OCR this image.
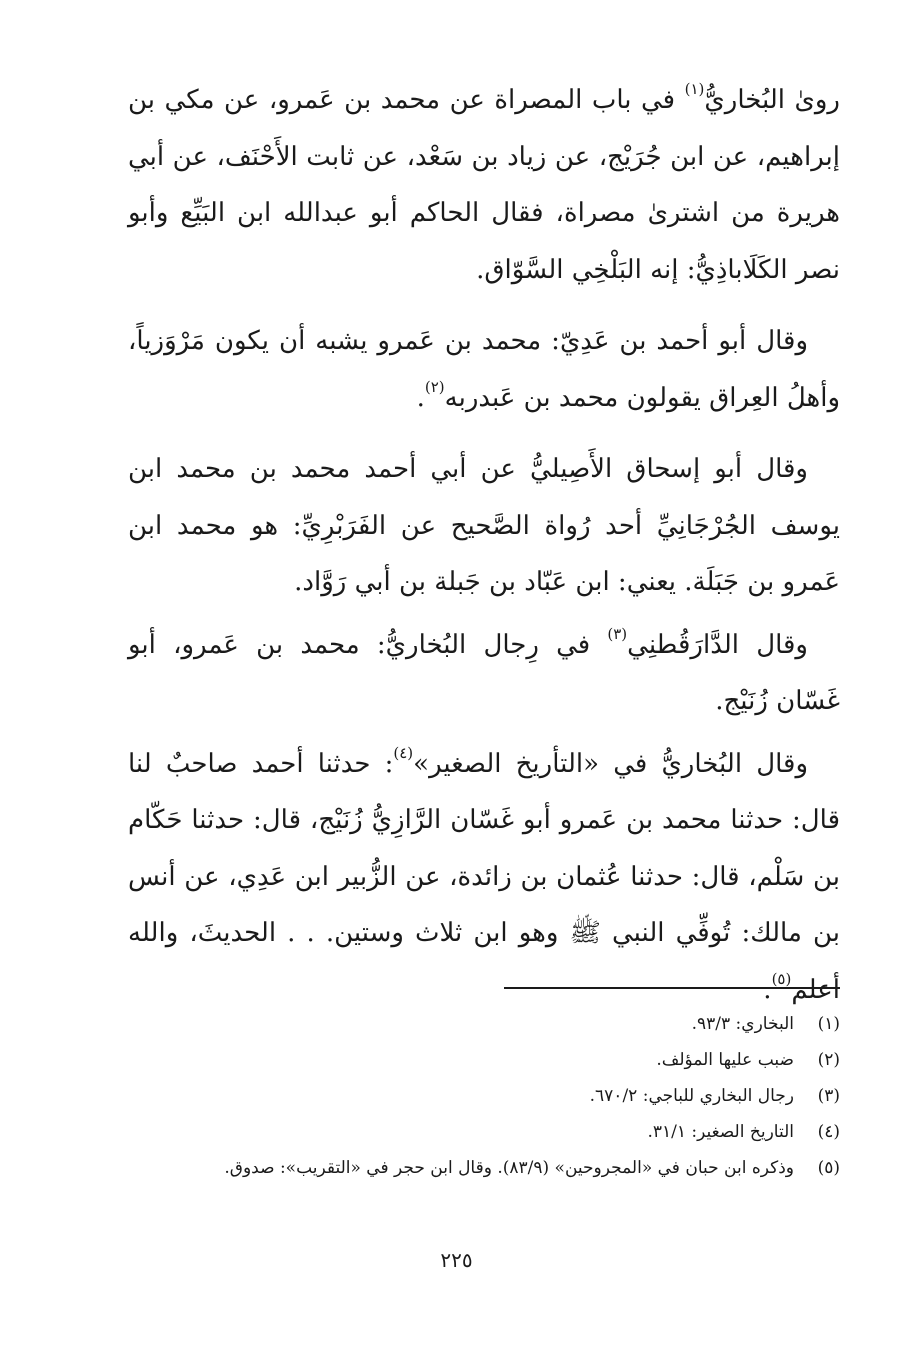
روىٰ البُخاريُّ$^{(١)}$ في باب المصراة عن محمد بن عَمرو، عن مكي بن إبراهيم، عن ابن جُرَيْج، عن زياد بن سَعْد، عن ثابت الأَحْنَف، عن أبي هريرة من اشترىٰ مصراة، فقال الحاكم أبو عبدالله ابن البَيِّع وأبو نصر الكَلَاباذِيُّ: إنه البَلْخِي السَّوّاق.

وقال أبو أحمد بن عَدِيّ: محمد بن عَمرو يشبه أن يكون مَرْوَزياً، وأهلُ العِراق يقولون محمد بن عَبدربه$^{(٢)}$.

وقال أبو إسحاق الأَصِيليُّ عن أبي أحمد محمد بن محمد ابن يوسف الجُرْجَانِيِّ أحد رُواة الصَّحيح عن الفَرَبْرِيِّ: هو محمد ابن عَمرو بن جَبَلَة. يعني: ابن عَبّاد بن جَبلة بن أبي رَوَّاد.

وقال الدَّارَقُطنِي$^{(٣)}$ في رِجال البُخاريُّ: محمد بن عَمرو، أبو غَسّان زُنَيْج.

وقال البُخاريُّ في «التأريخ الصغير»$^{(٤)}$: حدثنا أحمد صاحبٌ لنا قال: حدثنا محمد بن عَمرو أبو غَسّان الرَّازِيُّ زُنَيْج، قال: حدثنا حَكّام بن سَلْم، قال: حدثنا عُثمان بن زائدة، عن الزُّبير ابن عَدِي، عن أنس بن مالك: تُوفِّي النبي ﷺ وهو ابن ثلاث وستين. . . الحديثَ، والله أعلم$^{(٥)}$.

(١)
البخاري: ٩٣/٣.
(٢)
ضبب عليها المؤلف.
(٣)
رجال البخاري للباجي: ٦٧٠/٢.
(٤)
التاريخ الصغير: ٣١/١.
(٥)
وذكره ابن حبان في «المجروحين» (٨٣/٩). وقال ابن حجر في «التقريب»: صدوق.
٢٢٥
